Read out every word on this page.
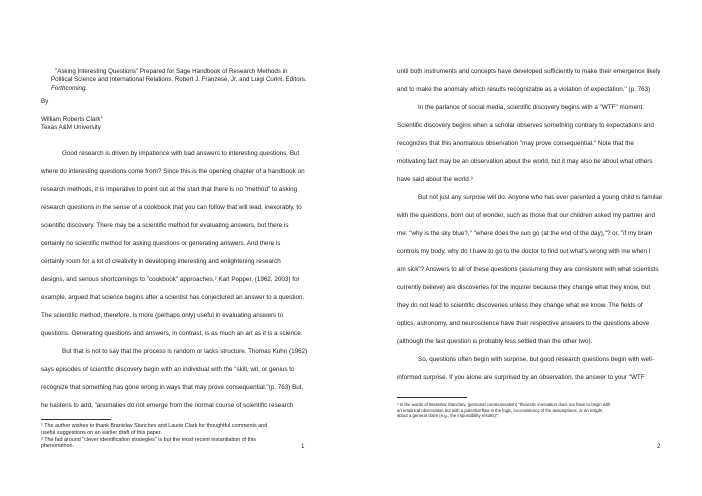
"Asking Interesting Questions" Prepared for Sage Handbook of Research Methods in
Political Science and International Relations. Robert J. Franzese, Jr. and Luigi Curini, Editors.
Forthcoming.
By
William Roberts Clark$^1$
Texas A&M University
Good research is driven by impatience with bad answers to interesting questions. But
where do interesting questions come from? Since this is the opening chapter of a handbook on
research methods, it is imperative to point out at the start that there is no "method" to asking
research questions in the sense of a cookbook that you can follow that will lead, inexorably, to
scientific discovery. There may be a scientific method for evaluating answers, but there is
certainly no scientific method for asking questions or generating answers. And there is
certainly room for a lot of creativity in developing interesting and enlightening research
designs, and serious shortcomings to "cookbook" approaches.² Karl Popper, (1962, 2003) for
example, argued that science begins after a scientist has conjectured an answer to a question.
The scientific method, therefore, is more (perhaps only) useful in evaluating answers to
questions. Generating questions and answers, in contrast, is as much an art as it is a science.
But that is not to say that the process is random or lacks structure. Thomas Kuhn (1962)
says episodes of scientific discovery begin with an individual with the "skill, wit, or genius to
recognize that something has gone wrong in ways that may prove consequential."(p. 763) But,
he hastens to add, "anomalies do not emerge from the normal course of scientific research
¹ The author wishes to thank Branislav Slanchev and Laurie Clark for thoughtful comments and
useful suggestions on an earlier draft of this paper.
² The fad around "clever identification strategies" is but the most recent instantiation of this
phenomenon.	1
until both instruments and concepts have developed sufficiently to make their emergence likely
and to make the anomaly which results recognizable as a violation of expectation." (p. 763)
In the parlance of social media, scientific discovery begins with a "WTF" moment.
Scientific discovery begins when a scholar observes something contrary to expectations and
recognizes that this anomalous observation "may prove consequential." Note that the
motivating fact may be an observation about the world, but it may also be about what others
have said about the world.³
But not just any surprise will do. Anyone who has ever parented a young child is familiar
with the questions, born out of wonder, such as those that our children asked my partner and
me: "why is the sky blue?," "where does the sun go (at the end of the day),"? or, "if my brain
controls my body, why do I have to go to the doctor to find out what's wrong with me when I
am sick"? Answers to all of these questions (assuming they are consistent with what scientists
currently believe) are discoveries for the inquirer because they change what they know, but
they do not lead to scientific discoveries unless they change what we know. The fields of
optics, astronomy, and neuroscience have their respective answers to the questions above
(although the last question is probably less settled than the other two).
So, questions often begin with surprise, but good research questions begin with well-
informed surprise. If you alone are surprised by an observation, the answer to your "WTF
³ In the words of Branislav Slanchev, (personal communication) "theoretic innovation does not have to begin with
an empirical observation but with a potential flaw in the logic, inconsistency of the assumptions, or an insight
about a general claim (e.g., the impossibility results)".
2
